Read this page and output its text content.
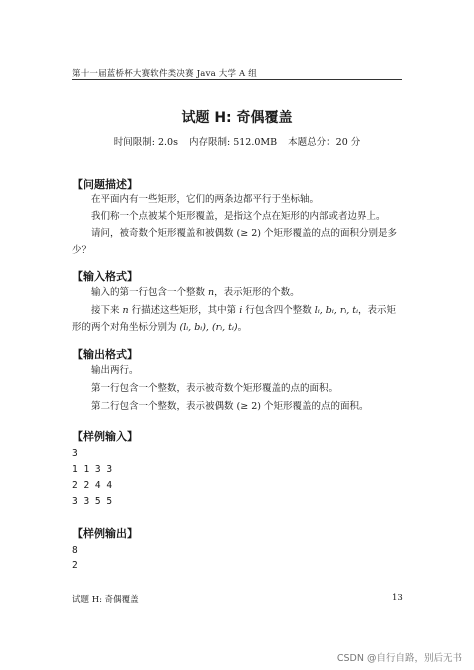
第十一届蓝桥杯大赛软件类决赛 Java 大学 A 组
试题 H: 奇偶覆盖
时间限制: 2.0s 内存限制: 512.0MB 本题总分：20 分
【问题描述】
在平面内有一些矩形，它们的两条边都平行于坐标轴。
我们称一个点被某个矩形覆盖，是指这个点在矩形的内部或者边界上。
请问，被奇数个矩形覆盖和被偶数 (≥ 2) 个矩形覆盖的点的面积分别是多少？
【输入格式】
输入的第一行包含一个整数 n，表示矩形的个数。
接下来 n 行描述这些矩形，其中第 i 行包含四个整数 lᵢ, bᵢ, rᵢ, tᵢ，表示矩形的两个对角坐标分别为 (lᵢ, bᵢ), (rᵢ, tᵢ)。
【输出格式】
输出两行。
第一行包含一个整数，表示被奇数个矩形覆盖的点的面积。
第二行包含一个整数，表示被偶数 (≥ 2) 个矩形覆盖的点的面积。
【样例输入】
3
1 1 3 3
2 2 4 4
3 3 5 5
【样例输出】
8
2
试题 H: 奇偶覆盖	13
CSDN @自行自路，别后无书
